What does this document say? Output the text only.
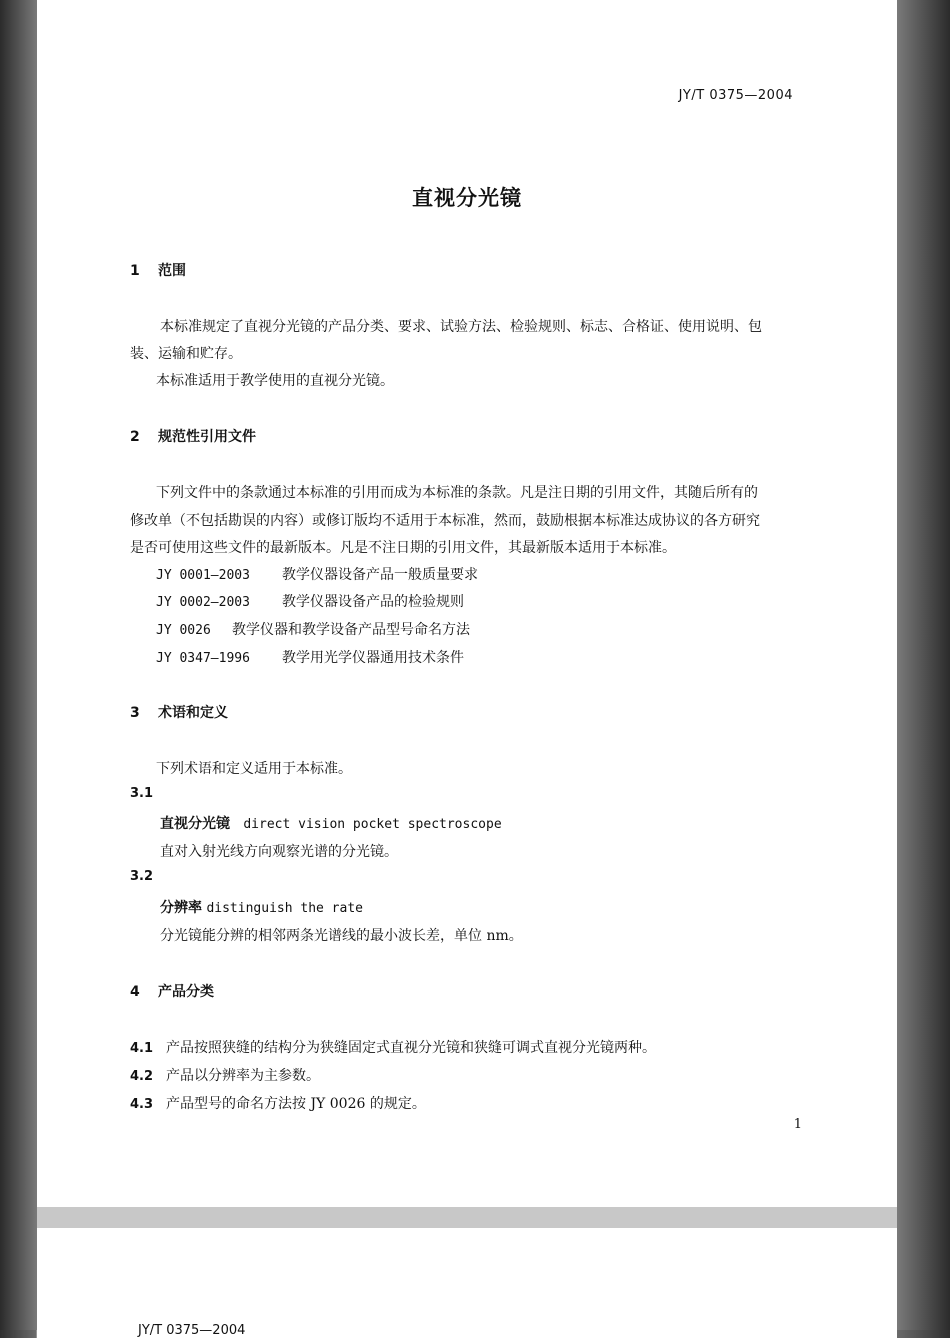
JY/T 0375—2004
直视分光镜
1 范围
本标准规定了直视分光镜的产品分类、要求、试验方法、检验规则、标志、合格证、使用说明、包
装、运输和贮存。
本标准适用于教学使用的直视分光镜。
2 规范性引用文件
下列文件中的条款通过本标准的引用而成为本标准的条款。凡是注日期的引用文件，其随后所有的
修改单（不包括勘误的内容）或修订版均不适用于本标准，然而，鼓励根据本标准达成协议的各方研究
是否可使用这些文件的最新版本。凡是不注日期的引用文件，其最新版本适用于本标准。
JY 0001—2003 教学仪器设备产品一般质量要求
JY 0002—2003 教学仪器设备产品的检验规则
JY 0026 教学仪器和教学设备产品型号命名方法
JY 0347—1996 教学用光学仪器通用技术条件
3 术语和定义
下列术语和定义适用于本标准。
3.1
直视分光镜 direct vision pocket spectroscope
直对入射光线方向观察光谱的分光镜。
3.2
分辨率 distinguish the rate
分光镜能分辨的相邻两条光谱线的最小波长差，单位 nm。
4 产品分类
4.1 产品按照狭缝的结构分为狭缝固定式直视分光镜和狭缝可调式直视分光镜两种。
4.2 产品以分辨率为主参数。
4.3 产品型号的命名方法按 JY 0026 的规定。
1
JY/T 0375—2004
